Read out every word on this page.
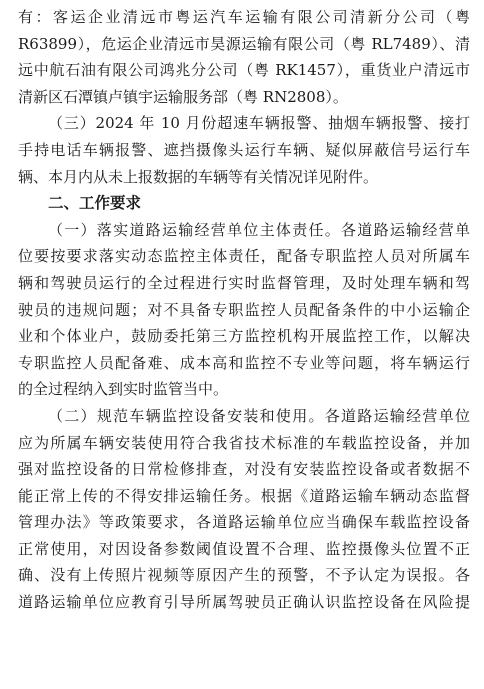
有：客运企业清远市粤运汽车运输有限公司清新分公司（粤
R63899），危运企业清远市昊源运输有限公司（粤 RL7489）、清
远中航石油有限公司鸿兆分公司（粤 RK1457），重货业户清远市
清新区石潭镇卢镇宇运输服务部（粤 RN2808）。
（三）2024 年 10 月份超速车辆报警、抽烟车辆报警、接打
手持电话车辆报警、遮挡摄像头运行车辆、疑似屏蔽信号运行车
辆、本月内从未上报数据的车辆等有关情况详见附件。
二、工作要求
（一）落实道路运输经营单位主体责任。各道路运输经营单
位要按要求落实动态监控主体责任，配备专职监控人员对所属车
辆和驾驶员运行的全过程进行实时监督管理，及时处理车辆和驾
驶员的违规问题；对不具备专职监控人员配备条件的中小运输企
业和个体业户，鼓励委托第三方监控机构开展监控工作，以解决
专职监控人员配备难、成本高和监控不专业等问题，将车辆运行
的全过程纳入到实时监管当中。
（二）规范车辆监控设备安装和使用。各道路运输经营单位
应为所属车辆安装使用符合我省技术标准的车载监控设备，并加
强对监控设备的日常检修排查，对没有安装监控设备或者数据不
能正常上传的不得安排运输任务。根据《道路运输车辆动态监督
管理办法》等政策要求，各道路运输单位应当确保车载监控设备
正常使用，对因设备参数阈值设置不合理、监控摄像头位置不正
确、没有上传照片视频等原因产生的预警，不予认定为误报。各
道路运输单位应教育引导所属驾驶员正确认识监控设备在风险提
